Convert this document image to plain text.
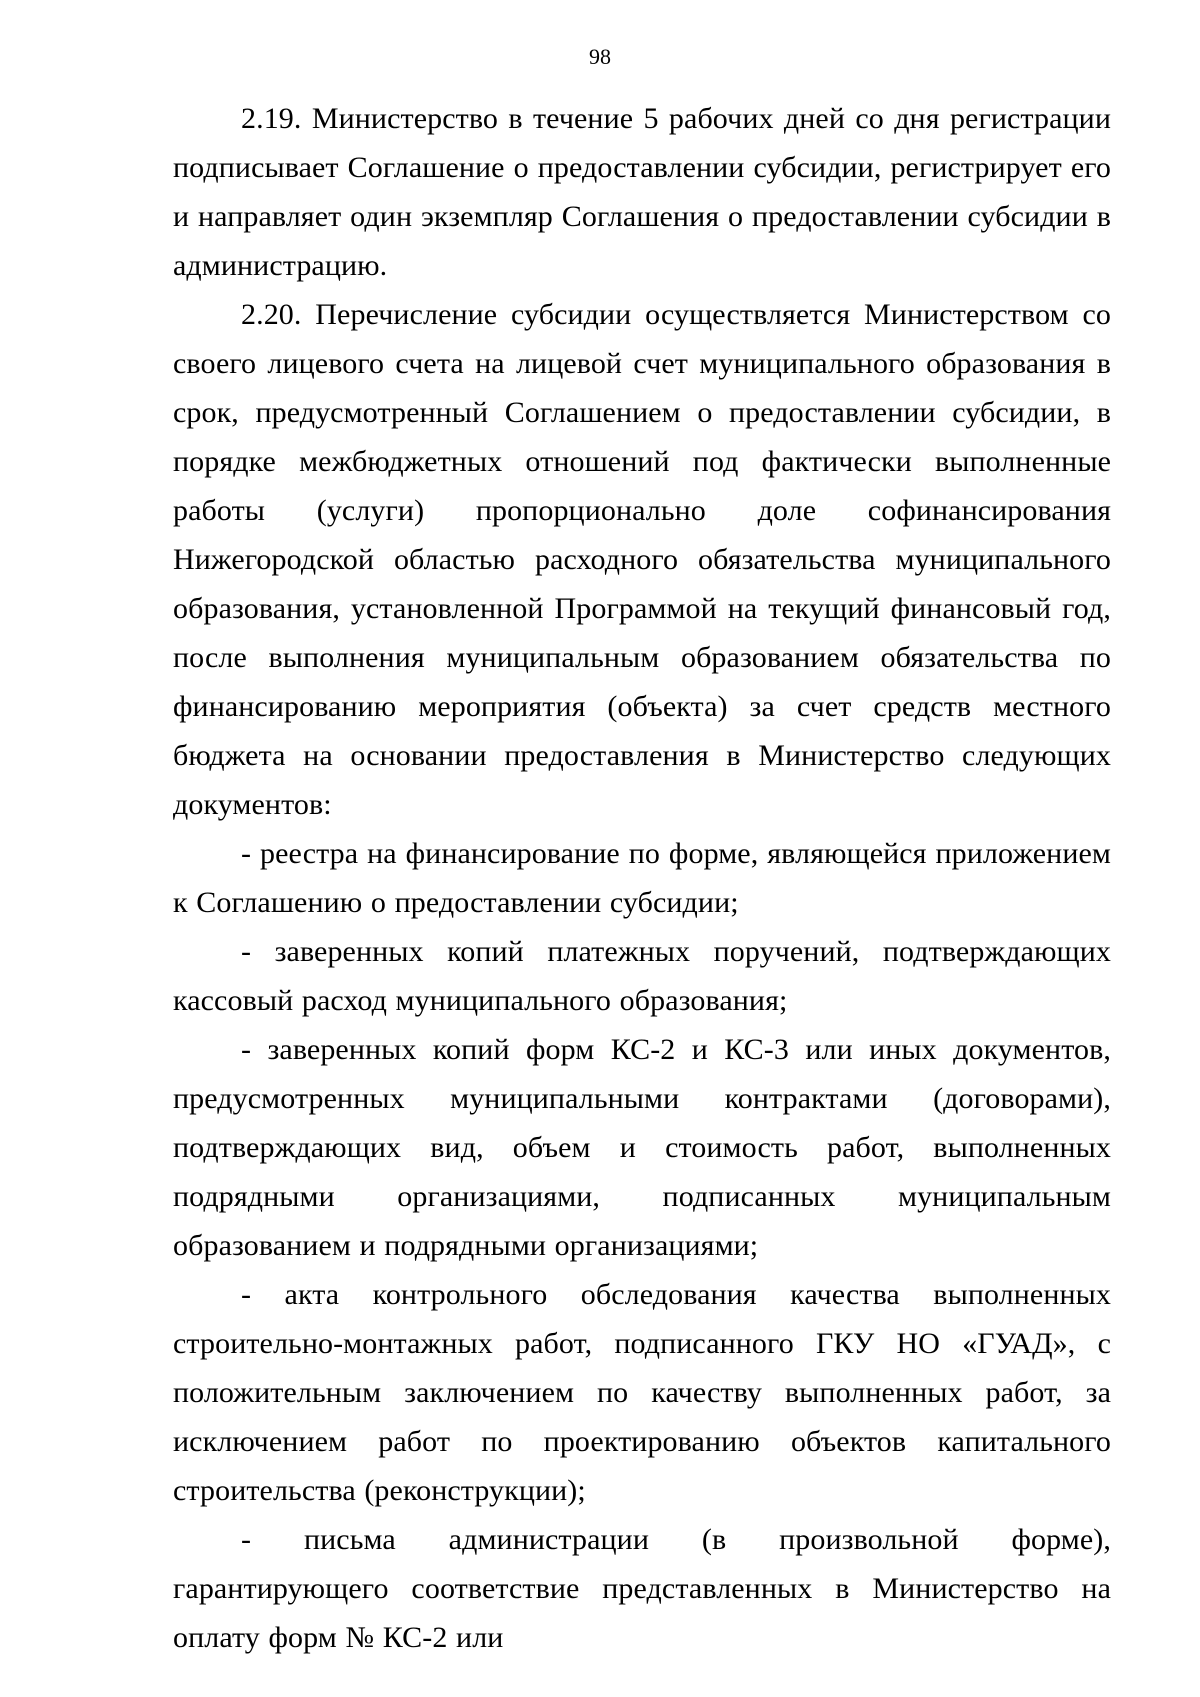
98

2.19. Министерство в течение 5 рабочих дней со дня регистрации подписывает Соглашение о предоставлении субсидии, регистрирует его и направляет один экземпляр Соглашения о предоставлении субсидии в администрацию.

2.20. Перечисление субсидии осуществляется Министерством со своего лицевого счета на лицевой счет муниципального образования в срок, предусмотренный Соглашением о предоставлении субсидии, в порядке межбюджетных отношений под фактически выполненные работы (услуги) пропорционально доле софинансирования Нижегородской областью расходного обязательства муниципального образования, установленной Программой на текущий финансовый год, после выполнения муниципальным образованием обязательства по финансированию мероприятия (объекта) за счет средств местного бюджета на основании предоставления в Министерство следующих документов:

- реестра на финансирование по форме, являющейся приложением к Соглашению о предоставлении субсидии;

- заверенных копий платежных поручений, подтверждающих кассовый расход муниципального образования;

- заверенных копий форм КС-2 и КС-3 или иных документов, предусмотренных муниципальными контрактами (договорами), подтверждающих вид, объем и стоимость работ, выполненных подрядными организациями, подписанных муниципальным образованием и подрядными организациями;

- акта контрольного обследования качества выполненных строительно-монтажных работ, подписанного ГКУ НО «ГУАД», с положительным заключением по качеству выполненных работ, за исключением работ по проектированию объектов капитального строительства (реконструкции);

- письма администрации (в произвольной форме), гарантирующего соответствие представленных в Министерство на оплату форм № КС-2 или
